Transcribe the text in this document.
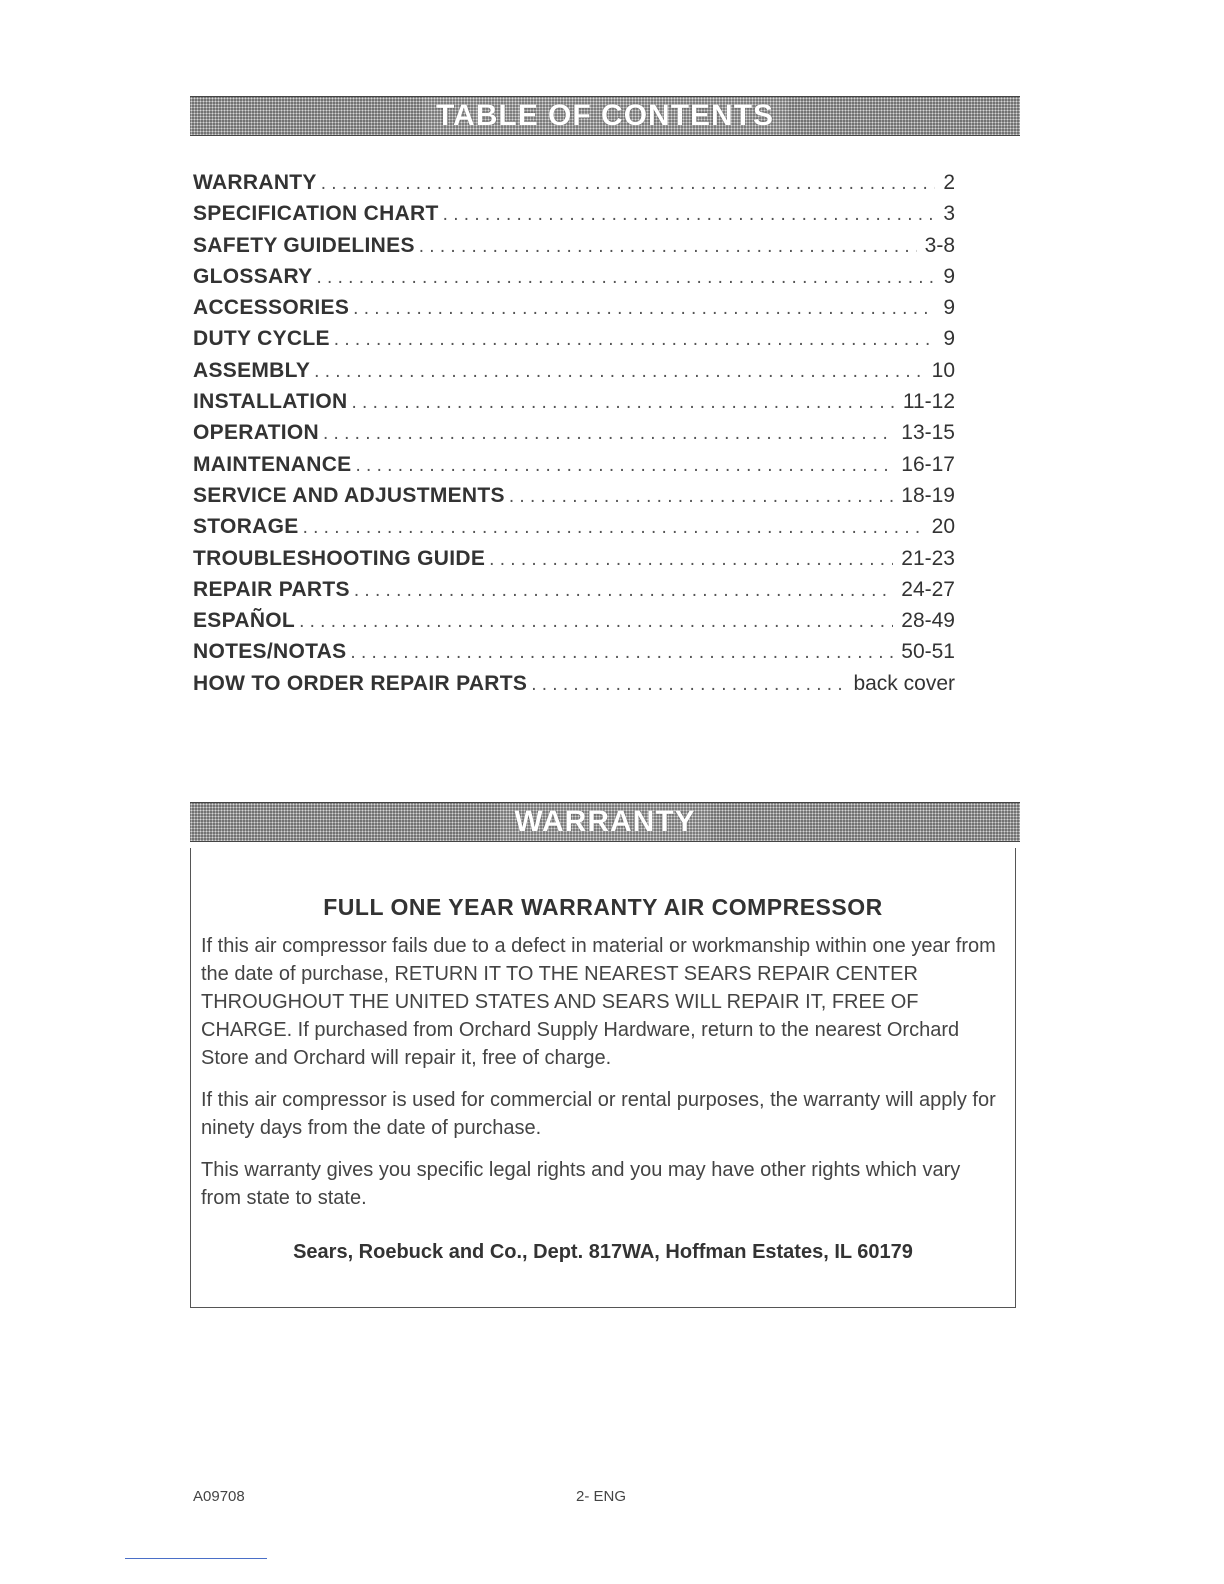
TABLE OF CONTENTS
WARRANTY . . .	2
SPECIFICATION CHART . . .	3
SAFETY GUIDELINES . . .	3-8
GLOSSARY . . .	9
ACCESSORIES . . .	9
DUTY CYCLE . . .	9
ASSEMBLY . . .	10
INSTALLATION . . .	11-12
OPERATION . . .	13-15
MAINTENANCE . . .	16-17
SERVICE AND ADJUSTMENTS . . .	18-19
STORAGE . . .	20
TROUBLESHOOTING GUIDE . . .	21-23
REPAIR PARTS . . .	24-27
ESPAÑOL . . .	28-49
NOTES/NOTAS . . .	50-51
HOW TO ORDER REPAIR PARTS . . .	back cover
WARRANTY
FULL ONE YEAR WARRANTY AIR COMPRESSOR

If this air compressor fails due to a defect in material or workmanship within one year from the date of purchase, RETURN IT TO THE NEAREST SEARS REPAIR CENTER THROUGHOUT THE UNITED STATES AND SEARS WILL REPAIR IT, FREE OF CHARGE. If purchased from Orchard Supply Hardware, return to the nearest Orchard Store and Orchard will repair it, free of charge.

If this air compressor is used for commercial or rental purposes, the warranty will apply for ninety days from the date of purchase.

This warranty gives you specific legal rights and you may have other rights which vary from state to state.

Sears, Roebuck and Co., Dept. 817WA, Hoffman Estates, IL 60179
A09708	2- ENG
